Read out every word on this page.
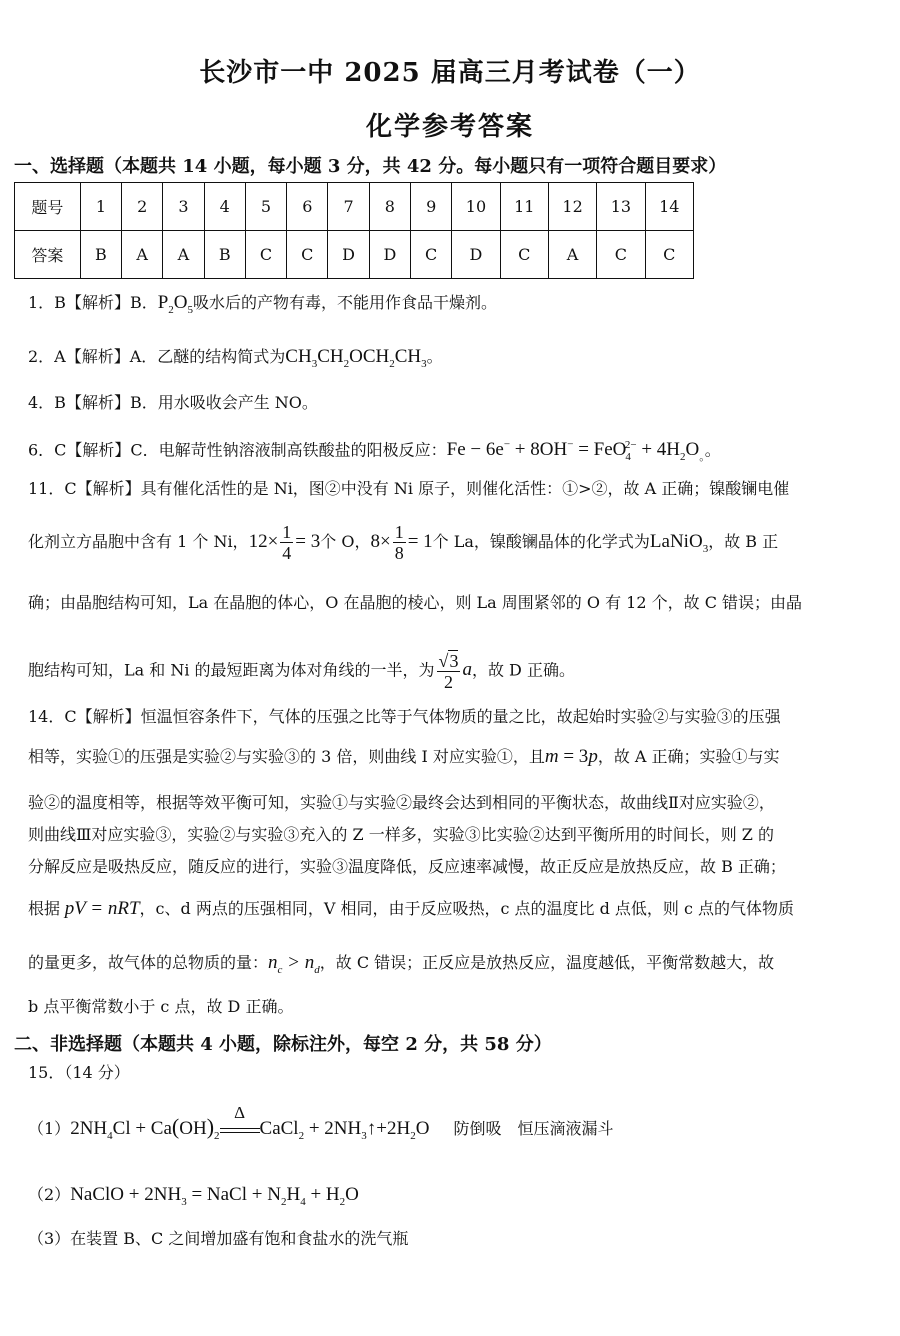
长沙市一中 2025 届高三月考试卷（一）
化学参考答案
一、选择题（本题共 14 小题，每小题 3 分，共 42 分。每小题只有一项符合题目要求）
题号	1	2	3	4	5	6	7	8	9	10	11	12	13	14
答案	B	A	A	B	C	C	D	D	C	D	C	A	C	C
1．B【解析】B．$P_2O_5$吸水后的产物有毒，不能用作食品干燥剂。
2．A【解析】A．乙醚的结构简式为$CH_3CH_2OCH_2CH_3$。
4．B【解析】B．用水吸收会产生 NO。
6．C【解析】C．电解苛性钠溶液制高铁酸盐的阳极反应：$Fe - 6e^- + 8OH^- = FeO_4^{2-} + 4H_2O_。$。
11．C【解析】具有催化活性的是 Ni，图②中没有 Ni 原子，则催化活性：①>②，故 A 正确；镍酸镧电催
化剂立方晶胞中含有 1 个 Ni，$12\times \frac{1}{4} = 3$个 O，$8\times \frac{1}{8} = 1$个 La，镍酸镧晶体的化学式为LaNiO$_3$，故 B 正
确；由晶胞结构可知，La 在晶胞的体心，O 在晶胞的棱心，则 La 周围紧邻的 O 有 12 个，故 C 错误；由晶
胞结构可知，La 和 Ni 的最短距离为体对角线的一半，为 $\frac{√3}{2}$ a，故 D 正确。
14．C【解析】恒温恒容条件下，气体的压强之比等于气体物质的量之比，故起始时实验②与实验③的压强
相等，实验①的压强是实验②与实验③的 3 倍，则曲线 I 对应实验①，且m = 3p，故 A 正确；实验①与实
验②的温度相等，根据等效平衡可知，实验①与实验②最终会达到相同的平衡状态，故曲线Ⅱ对应实验②，
则曲线Ⅲ对应实验③，实验②与实验③充入的 Z 一样多，实验③比实验②达到平衡所用的时间长，则 Z 的
分解反应是吸热反应，随反应的进行，实验③温度降低，反应速率减慢，故正反应是放热反应，故 B 正确；
根据 pV = nRT，c、d 两点的压强相同，V 相同，由于反应吸热，c 点的温度比 d 点低，则 c 点的气体物质
的量更多，故气体的总物质的量：$n_c > n_d$，故 C 错误；正反应是放热反应，温度越低，平衡常数越大，故
b 点平衡常数小于 c 点，故 D 正确。
二、非选择题（本题共 4 小题，除标注外，每空 2 分，共 58 分）
15．（14 分）
$(1)2NH_4Cl + Ca(OH)_2$
Δ
CaCl$_2$ + $2NH_3↑+2H_2O$ 防倒吸　恒压滴液漏斗
（2）NaClO + $2NH_3$ = NaCl + $N_2H_4 + H_2O$
（3）在装置 B、C 之间增加盛有饱和食盐水的洗气瓶
